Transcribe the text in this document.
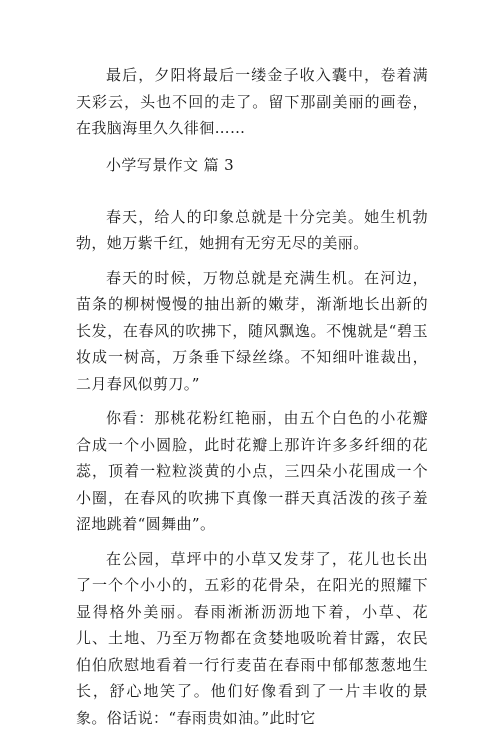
最后，夕阳将最后一缕金子收入囊中，卷着满天彩云，头也不回的走了。留下那副美丽的画卷，在我脑海里久久徘徊……

小学写景作文 篇 3

春天，给人的印象总就是十分完美。她生机勃勃，她万紫千红，她拥有无穷无尽的美丽。

春天的时候，万物总就是充满生机。在河边，苗条的柳树慢慢的抽出新的嫩芽，渐渐地长出新的长发，在春风的吹拂下，随风飘逸。不愧就是“碧玉妆成一树高，万条垂下绿丝绦。不知细叶谁裁出，二月春风似剪刀。”

你看：那桃花粉红艳丽，由五个白色的小花瓣合成一个小圆脸，此时花瓣上那许许多多纤细的花蕊，顶着一粒粒淡黄的小点，三四朵小花围成一个小圈，在春风的吹拂下真像一群天真活泼的孩子羞涩地跳着“圆舞曲”。

在公园，草坪中的小草又发芽了，花儿也长出了一个个小小的，五彩的花骨朵，在阳光的照耀下显得格外美丽。春雨淅淅沥沥地下着，小草、花儿、土地、乃至万物都在贪婪地吸吮着甘露，农民伯伯欣慰地看着一行行麦苗在春雨中郁郁葱葱地生长，舒心地笑了。他们好像看到了一片丰收的景象。俗话说：“春雨贵如油。”此时它
